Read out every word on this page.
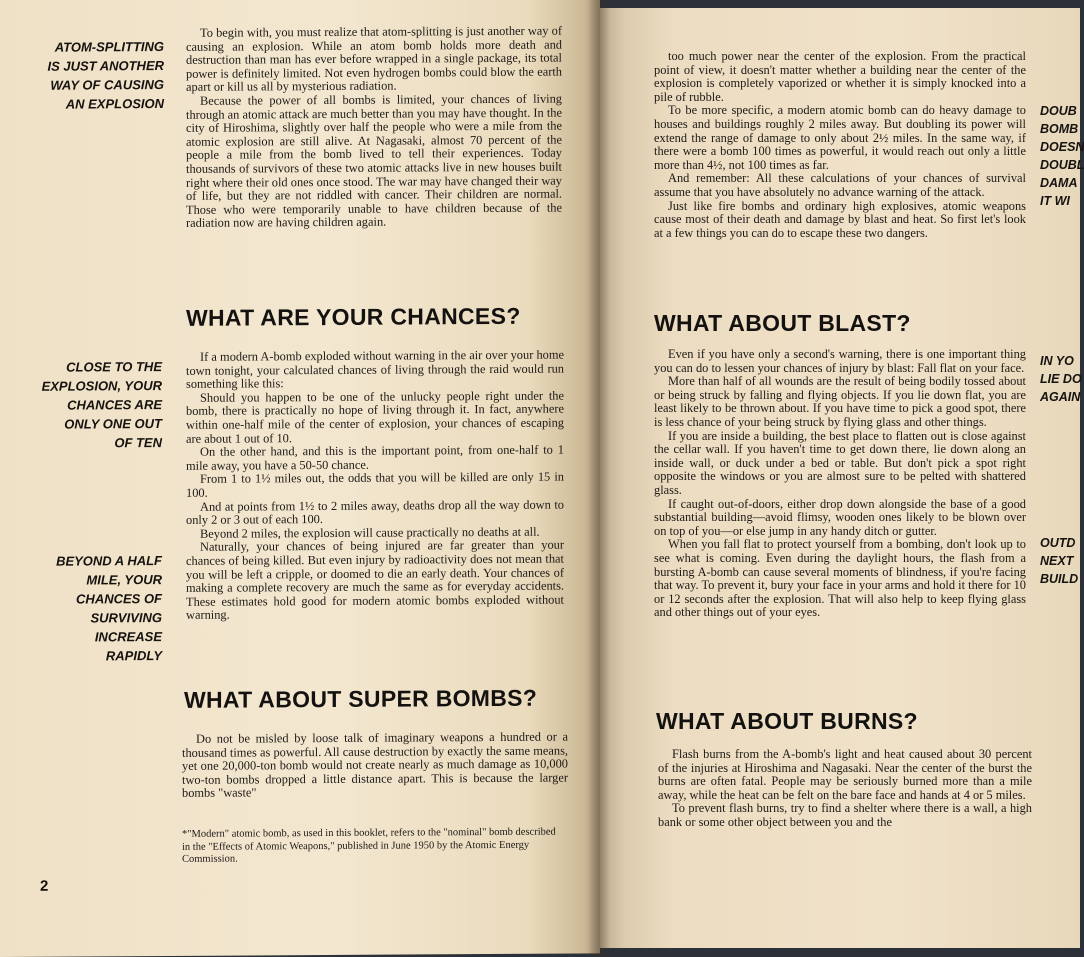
ATOM-SPLITTING
IS JUST ANOTHER
WAY OF CAUSING
AN EXPLOSION

To begin with, you must realize that atom-splitting is just another way of causing an explosion. While an atom bomb holds more death and destruction than man has ever before wrapped in a single package, its total power is definitely limited. Not even hydrogen bombs could blow the earth apart or kill us all by mysterious radiation.

Because the power of all bombs is limited, your chances of living through an atomic attack are much better than you may have thought. In the city of Hiroshima, slightly over half the people who were a mile from the atomic explosion are still alive. At Nagasaki, almost 70 percent of the people a mile from the bomb lived to tell their experiences. Today thousands of survivors of these two atomic attacks live in new houses built right where their old ones once stood. The war may have changed their way of life, but they are not riddled with cancer. Their children are normal. Those who were temporarily unable to have children because of the radiation now are having children again.

WHAT ARE YOUR CHANCES?
CLOSE TO THE
EXPLOSION, YOUR
CHANCES ARE
ONLY ONE OUT
OF TEN
BEYOND A HALF
MILE, YOUR
CHANCES OF
SURVIVING
INCREASE
RAPIDLY

If a modern A-bomb exploded without warning in the air over your home town tonight, your calculated chances of living through the raid would run something like this:

Should you happen to be one of the unlucky people right under the bomb, there is practically no hope of living through it. In fact, anywhere within one-half mile of the center of explosion, your chances of escaping are about 1 out of 10.

On the other hand, and this is the important point, from one-half to 1 mile away, you have a 50-50 chance.

From 1 to 1½ miles out, the odds that you will be killed are only 15 in 100.

And at points from 1½ to 2 miles away, deaths drop all the way down to only 2 or 3 out of each 100.

Beyond 2 miles, the explosion will cause practically no deaths at all.

Naturally, your chances of being injured are far greater than your chances of being killed. But even injury by radioactivity does not mean that you will be left a cripple, or doomed to die an early death. Your chances of making a complete recovery are much the same as for everyday accidents. These estimates hold good for modern atomic bombs exploded without warning.

WHAT ABOUT SUPER BOMBS?

Do not be misled by loose talk of imaginary weapons a hundred or a thousand times as powerful. All cause destruction by exactly the same means, yet one 20,000-ton bomb would not create nearly as much damage as 10,000 two-ton bombs dropped a little distance apart. This is because the larger bombs "waste"

*"Modern" atomic bomb, as used in this booklet, refers to the "nominal" bomb described in the "Effects of Atomic Weapons," published in June 1950 by the Atomic Energy Commission.
2

too much power near the center of the explosion. From the practical point of view, it doesn't matter whether a building near the center of the explosion is completely vaporized or whether it is simply knocked into a pile of rubble.

To be more specific, a modern atomic bomb can do heavy damage to houses and buildings roughly 2 miles away. But doubling its power will extend the range of damage to only about 2½ miles. In the same way, if there were a bomb 100 times as powerful, it would reach out only a little more than 4½, not 100 times as far.

And remember: All these calculations of your chances of survival assume that you have absolutely no advance warning of the attack.

Just like fire bombs and ordinary high explosives, atomic weapons cause most of their death and damage by blast and heat. So first let's look at a few things you can do to escape these two dangers.

DOUB
BOMB
DOESN
DOUBL
DAMA
IT WI
WHAT ABOUT BLAST?
IN YO
LIE DO
AGAIN
OUTD
NEXT
BUILD

Even if you have only a second's warning, there is one important thing you can do to lessen your chances of injury by blast: Fall flat on your face.

More than half of all wounds are the result of being bodily tossed about or being struck by falling and flying objects. If you lie down flat, you are least likely to be thrown about. If you have time to pick a good spot, there is less chance of your being struck by flying glass and other things.

If you are inside a building, the best place to flatten out is close against the cellar wall. If you haven't time to get down there, lie down along an inside wall, or duck under a bed or table. But don't pick a spot right opposite the windows or you are almost sure to be pelted with shattered glass.

If caught out-of-doors, either drop down alongside the base of a good substantial building—avoid flimsy, wooden ones likely to be blown over on top of you—or else jump in any handy ditch or gutter.

When you fall flat to protect yourself from a bombing, don't look up to see what is coming. Even during the daylight hours, the flash from a bursting A-bomb can cause several moments of blindness, if you're facing that way. To prevent it, bury your face in your arms and hold it there for 10 or 12 seconds after the explosion. That will also help to keep flying glass and other things out of your eyes.

WHAT ABOUT BURNS?

Flash burns from the A-bomb's light and heat caused about 30 percent of the injuries at Hiroshima and Nagasaki. Near the center of the burst the burns are often fatal. People may be seriously burned more than a mile away, while the heat can be felt on the bare face and hands at 4 or 5 miles.

To prevent flash burns, try to find a shelter where there is a wall, a high bank or some other object between you and the
